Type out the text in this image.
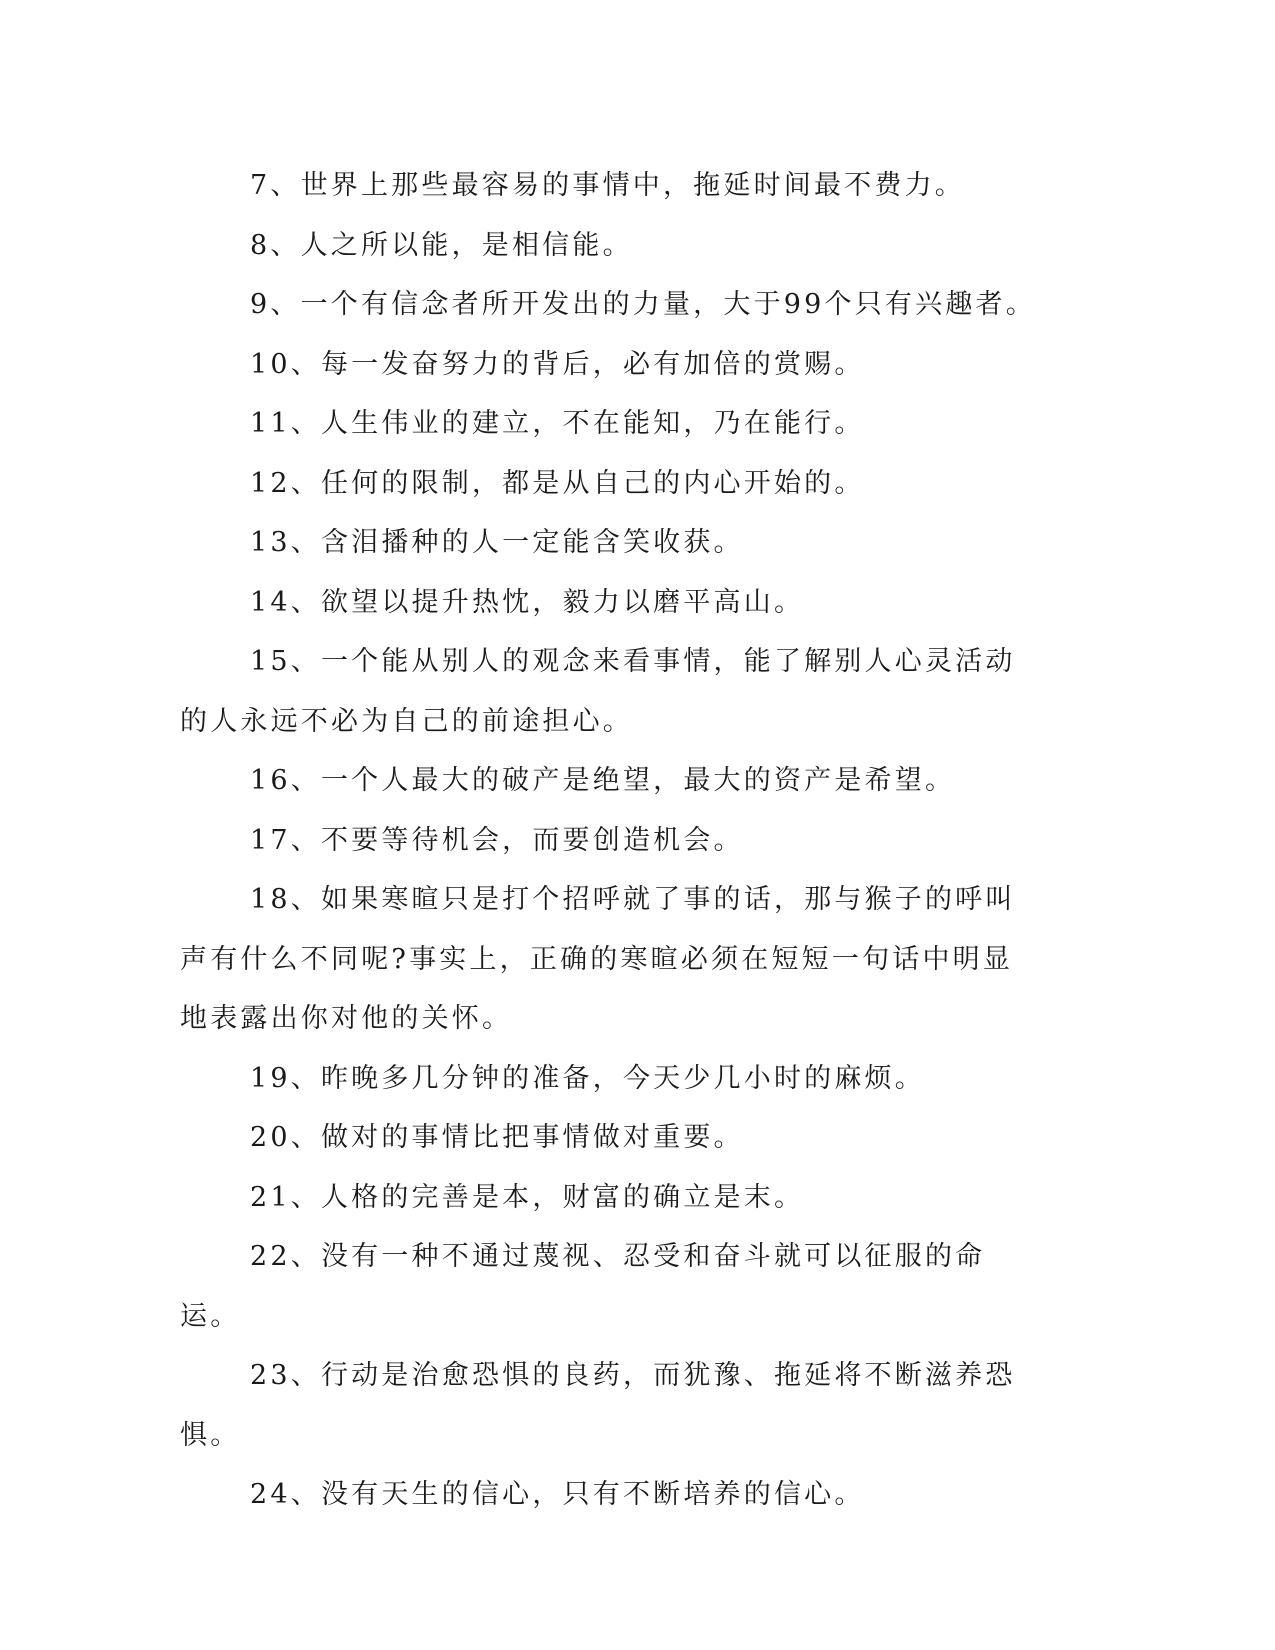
7、世界上那些最容易的事情中，拖延时间最不费力。

8、人之所以能，是相信能。

9、一个有信念者所开发出的力量，大于99个只有兴趣者。

10、每一发奋努力的背后，必有加倍的赏赐。

11、人生伟业的建立，不在能知，乃在能行。

12、任何的限制，都是从自己的内心开始的。

13、含泪播种的人一定能含笑收获。

14、欲望以提升热忱，毅力以磨平高山。

15、一个能从别人的观念来看事情，能了解别人心灵活动的人永远不必为自己的前途担心。

16、一个人最大的破产是绝望，最大的资产是希望。

17、不要等待机会，而要创造机会。

18、如果寒暄只是打个招呼就了事的话，那与猴子的呼叫声有什么不同呢?事实上，正确的寒暄必须在短短一句话中明显地表露出你对他的关怀。

19、昨晚多几分钟的准备，今天少几小时的麻烦。

20、做对的事情比把事情做对重要。

21、人格的完善是本，财富的确立是末。

22、没有一种不通过蔑视、忍受和奋斗就可以征服的命运。

23、行动是治愈恐惧的良药，而犹豫、拖延将不断滋养恐惧。

24、没有天生的信心，只有不断培养的信心。
